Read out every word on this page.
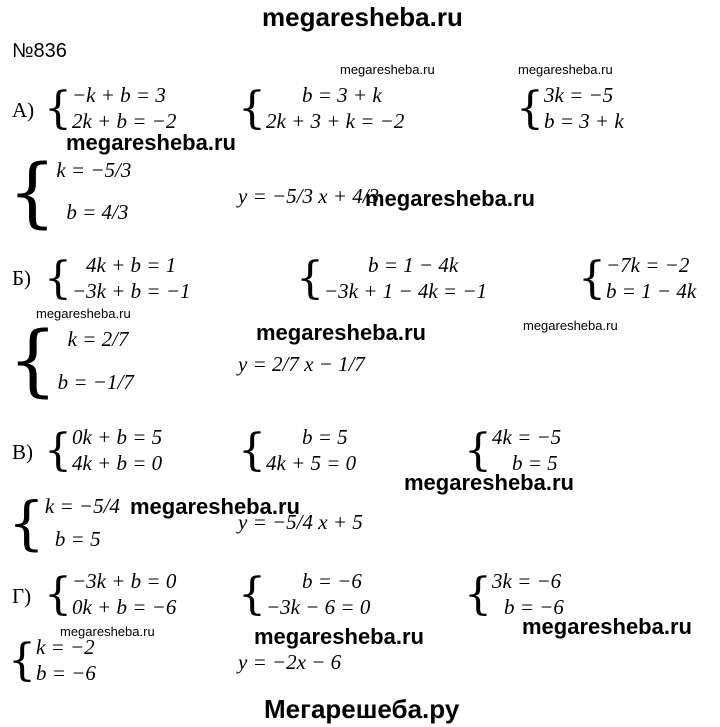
megaresheba.ru
№836
megaresheba.ru	megaresheba.ru
megaresheba.ru
megaresheba.ru
megaresheba.ru
megaresheba.ru
megaresheba.ru
megaresheba.ru
megaresheba.ru
megaresheba.ru
megaresheba.ru
megaresheba.ru
А) { −k + b = 3
2k + b = −2 {	b = 3 + k
2k + 3 + k = −2	{ 3k = −5
b = 3 + k
{ k = −5/3
b = 4/3
y = −5/3 x + 4/3
Б) { 4k + b = 1
−3k + b = −1 {	b = 1 − 4k
−3k + 1 − 4k = −1 { −7k = −2
b = 1 − 4k
{ k = 2/7
b = −1/7
y = 2/7 x − 1/7
В) { 0k + b = 5
4k + b = 0 {	b = 5
4k + 5 = 0 { 4k = −5
b = 5
{ k = −5/4
b = 5
y = −5/4 x + 5
Г) { −3k + b = 0
0k + b = −6 {	b = −6
−3k − 6 = 0 { 3k = −6
b = −6
{ k = −2
b = −6	y = −2x − 6
Мегарешеба.ру
